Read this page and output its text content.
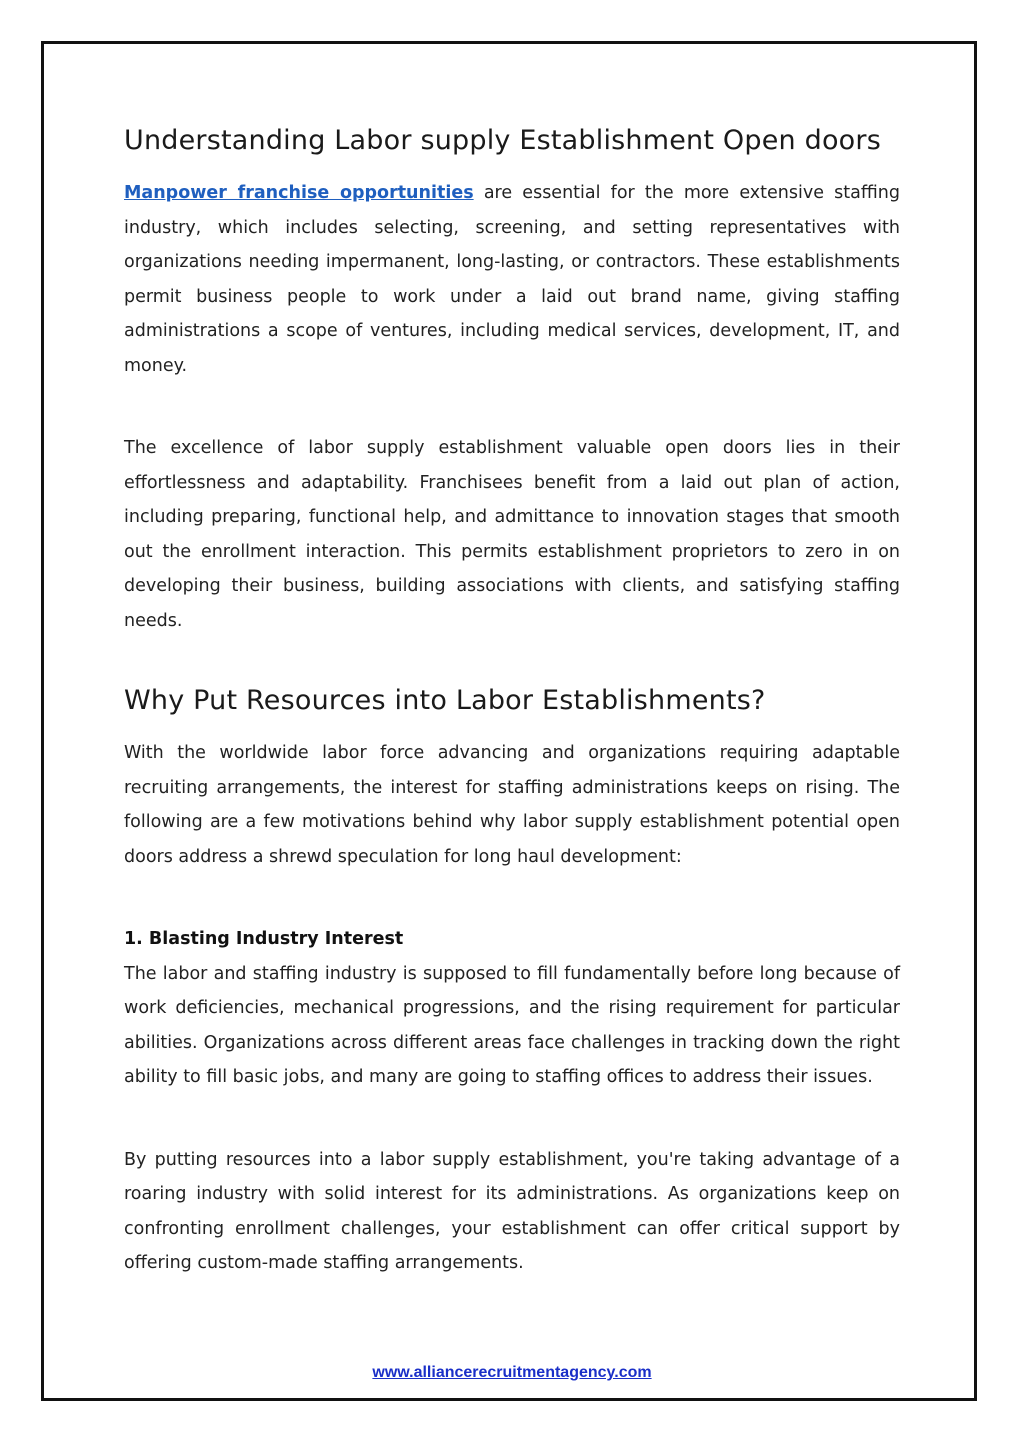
Understanding Labor supply Establishment Open doors

Manpower franchise opportunities are essential for the more extensive staffing industry, which includes selecting, screening, and setting representatives with organizations needing impermanent, long-lasting, or contractors. These establishments permit business people to work under a laid out brand name, giving staffing administrations a scope of ventures, including medical services, development, IT, and money.

The excellence of labor supply establishment valuable open doors lies in their effortlessness and adaptability. Franchisees benefit from a laid out plan of action, including preparing, functional help, and admittance to innovation stages that smooth out the enrollment interaction. This permits establishment proprietors to zero in on developing their business, building associations with clients, and satisfying staffing needs.

Why Put Resources into Labor Establishments?

With the worldwide labor force advancing and organizations requiring adaptable recruiting arrangements, the interest for staffing administrations keeps on rising. The following are a few motivations behind why labor supply establishment potential open doors address a shrewd speculation for long haul development:

1. Blasting Industry Interest

The labor and staffing industry is supposed to fill fundamentally before long because of work deficiencies, mechanical progressions, and the rising requirement for particular abilities. Organizations across different areas face challenges in tracking down the right ability to fill basic jobs, and many are going to staffing offices to address their issues.

By putting resources into a labor supply establishment, you're taking advantage of a roaring industry with solid interest for its administrations. As organizations keep on confronting enrollment challenges, your establishment can offer critical support by offering custom-made staffing arrangements.

www.alliancerecruitmentagency.com
